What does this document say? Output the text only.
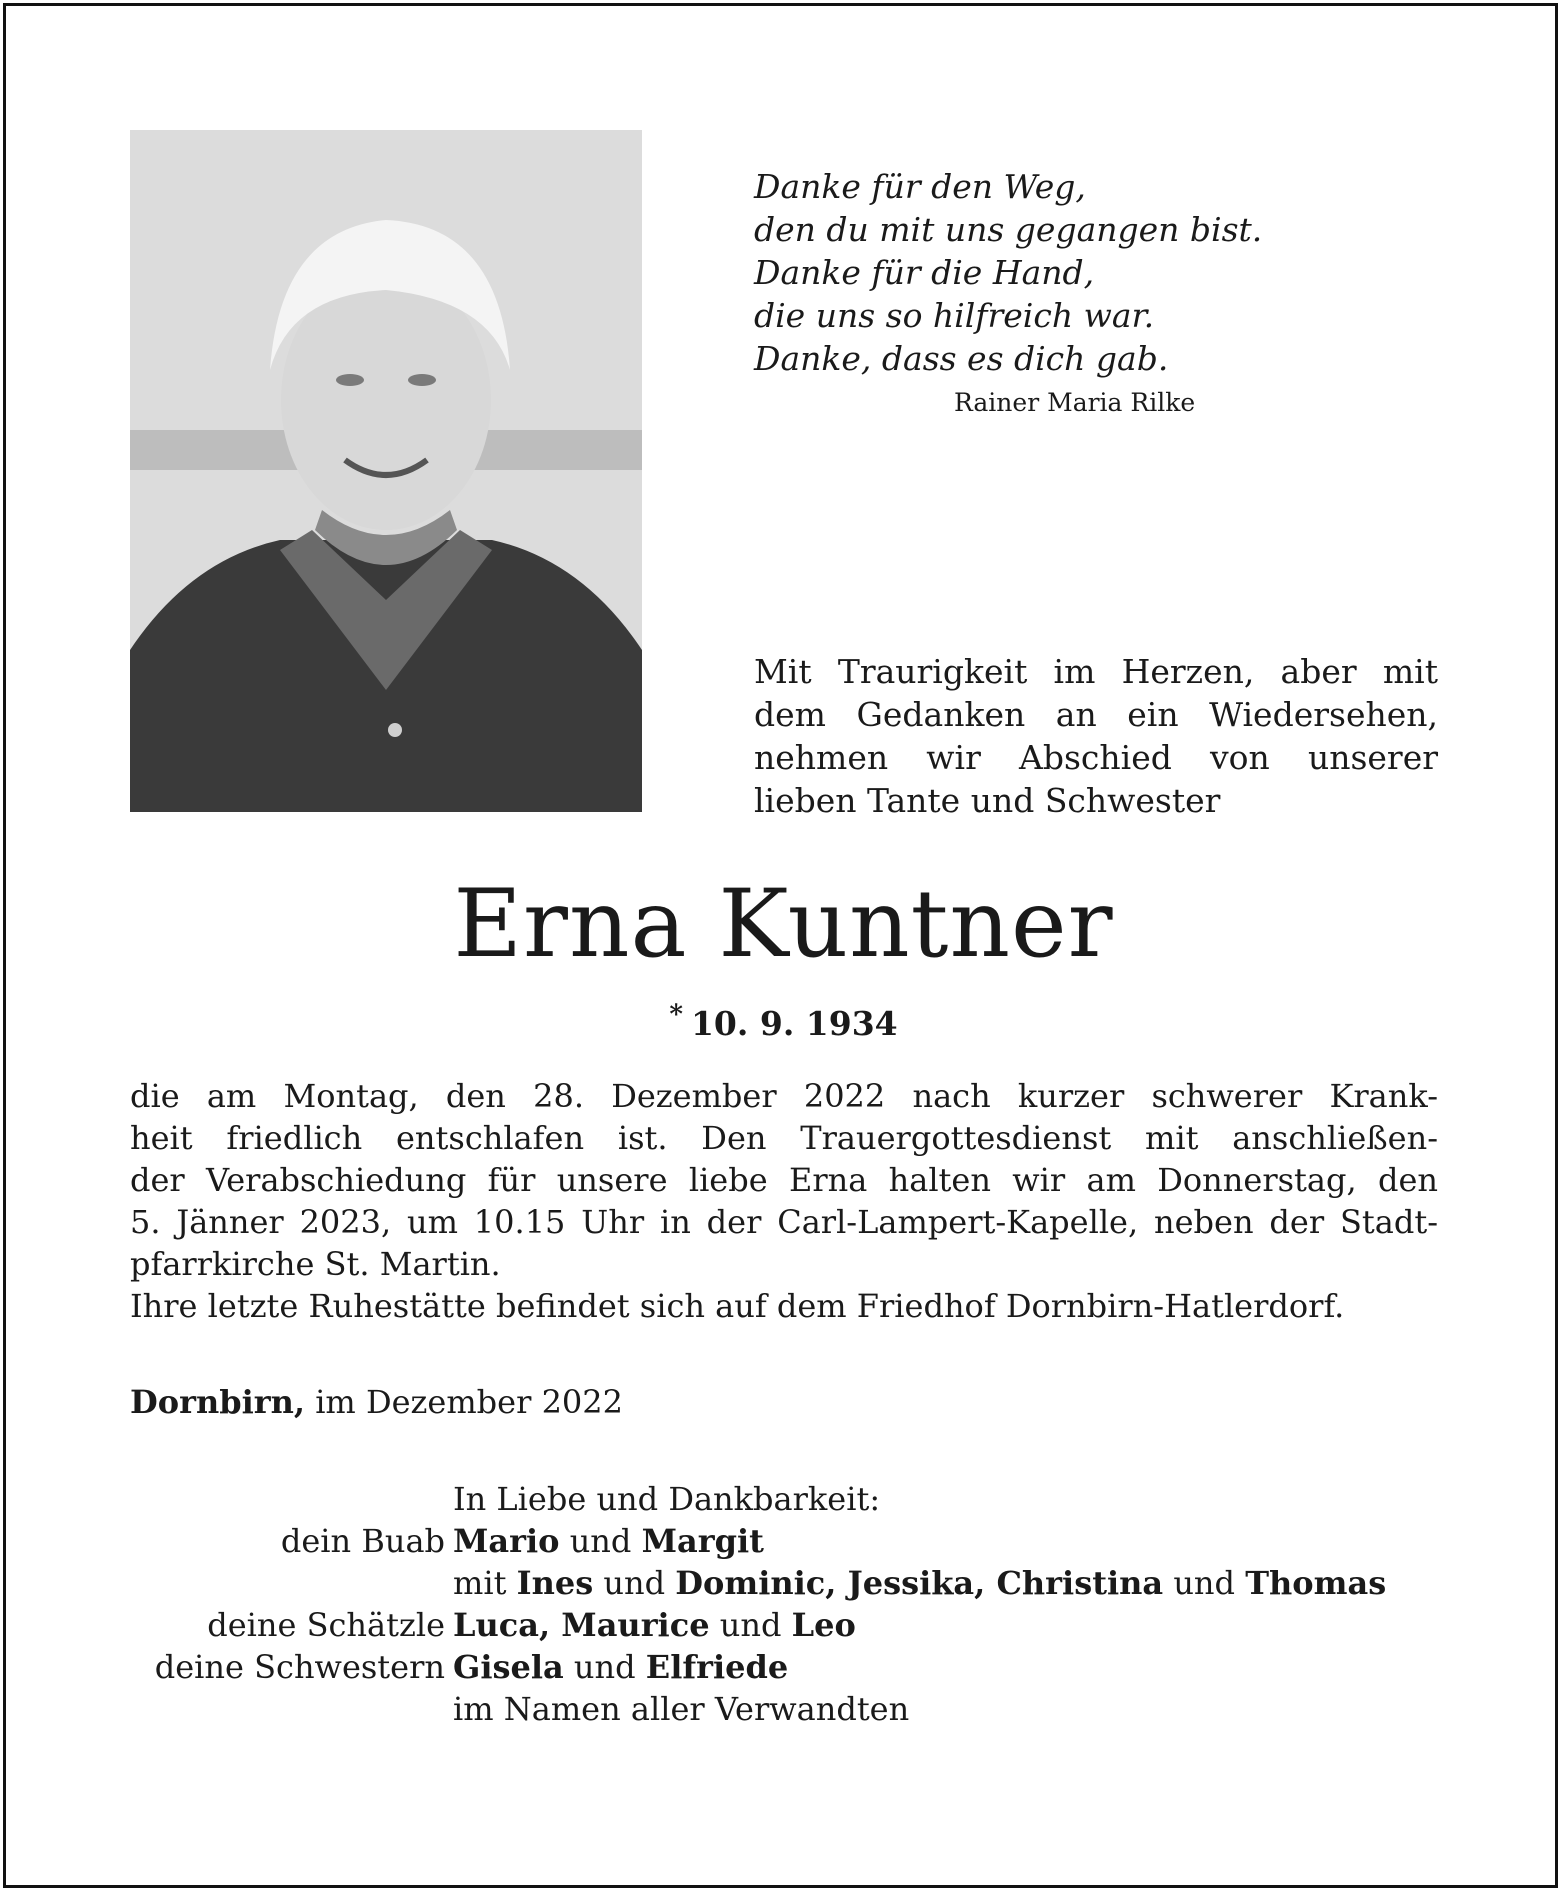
Danke für den Weg,
den du mit uns gegangen bist.
Danke für die Hand,
die uns so hilfreich war.
Danke, dass es dich gab.
Rainer Maria Rilke
Mit Traurigkeit im Herzen, aber mit dem Gedanken an ein Wiedersehen, nehmen wir Abschied von unserer lieben Tante und Schwester
Erna Kuntner
* 10. 9. 1934
die am Montag, den 28. Dezember 2022 nach kurzer schwerer Krank-
heit friedlich entschlafen ist. Den Trauergottesdienst mit anschließen-
der Verabschiedung für unsere liebe Erna halten wir am Donnerstag, den
5. Jänner 2023, um 10.15 Uhr in der Carl-Lampert-Kapelle, neben der Stadt-
pfarrkirche St. Martin.
Ihre letzte Ruhestätte befindet sich auf dem Friedhof Dornbirn-Hatlerdorf.
Dornbirn, im Dezember 2022
In Liebe und Dankbarkeit:
dein Buab Mario und Margit
mit Ines und Dominic, Jessika, Christina und Thomas
deine Schätzle Luca, Maurice und Leo
deine Schwestern Gisela und Elfriede
im Namen aller Verwandten
